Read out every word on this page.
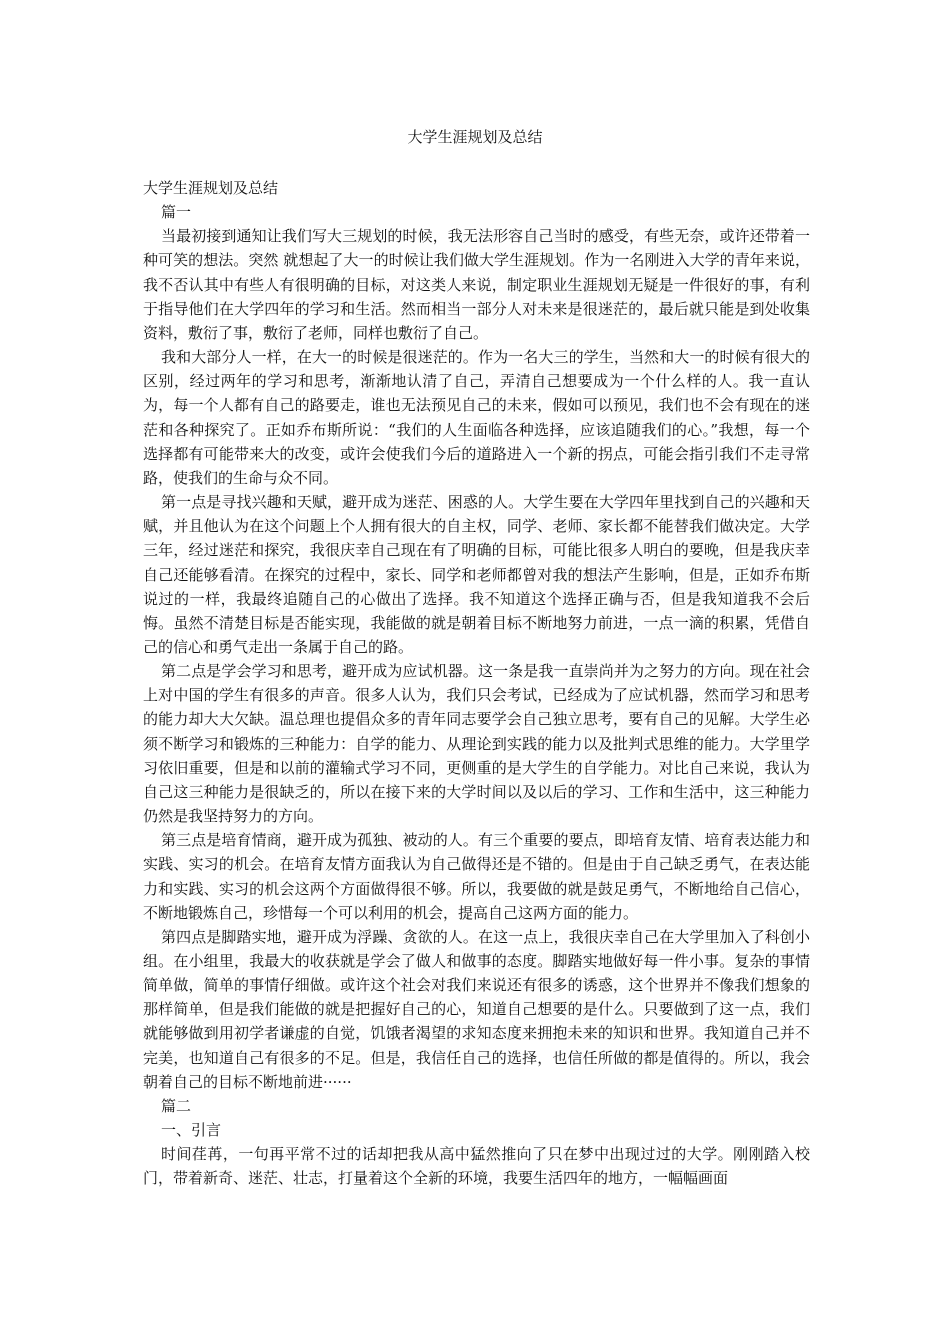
大学生涯规划及总结

大学生涯规划及总结

篇一

当最初接到通知让我们写大三规划的时候，我无法形容自己当时的感受，有些无奈，或许还带着一种可笑的想法。突然 就想起了大一的时候让我们做大学生涯规划。作为一名刚进入大学的青年来说，我不否认其中有些人有很明确的目标，对这类人来说，制定职业生涯规划无疑是一件很好的事，有利于指导他们在大学四年的学习和生活。然而相当一部分人对未来是很迷茫的，最后就只能是到处收集资料，敷衍了事，敷衍了老师，同样也敷衍了自己。

我和大部分人一样，在大一的时候是很迷茫的。作为一名大三的学生，当然和大一的时候有很大的区别，经过两年的学习和思考，渐渐地认清了自己，弄清自己想要成为一个什么样的人。我一直认为，每一个人都有自己的路要走，谁也无法预见自己的未来，假如可以预见，我们也不会有现在的迷茫和各种探究了。正如乔布斯所说：“我们的人生面临各种选择，应该追随我们的心。”我想，每一个选择都有可能带来大的改变，或许会使我们今后的道路进入一个新的拐点，可能会指引我们不走寻常路，使我们的生命与众不同。

第一点是寻找兴趣和天赋，避开成为迷茫、困惑的人。大学生要在大学四年里找到自己的兴趣和天赋，并且他认为在这个问题上个人拥有很大的自主权，同学、老师、家长都不能替我们做决定。大学三年，经过迷茫和探究，我很庆幸自己现在有了明确的目标，可能比很多人明白的要晚，但是我庆幸自己还能够看清。在探究的过程中，家长、同学和老师都曾对我的想法产生影响，但是，正如乔布斯说过的一样，我最终追随自己的心做出了选择。我不知道这个选择正确与否，但是我知道我不会后悔。虽然不清楚目标是否能实现，我能做的就是朝着目标不断地努力前进，一点一滴的积累，凭借自己的信心和勇气走出一条属于自己的路。

第二点是学会学习和思考，避开成为应试机器。这一条是我一直崇尚并为之努力的方向。现在社会上对中国的学生有很多的声音。很多人认为，我们只会考试，已经成为了应试机器，然而学习和思考的能力却大大欠缺。温总理也提倡众多的青年同志要学会自己独立思考，要有自己的见解。大学生必须不断学习和锻炼的三种能力：自学的能力、从理论到实践的能力以及批判式思维的能力。大学里学习依旧重要，但是和以前的灌输式学习不同，更侧重的是大学生的自学能力。对比自己来说，我认为自己这三种能力是很缺乏的，所以在接下来的大学时间以及以后的学习、工作和生活中，这三种能力仍然是我坚持努力的方向。

第三点是培育情商，避开成为孤独、被动的人。有三个重要的要点，即培育友情、培育表达能力和实践、实习的机会。在培育友情方面我认为自己做得还是不错的。但是由于自己缺乏勇气，在表达能力和实践、实习的机会这两个方面做得很不够。所以，我要做的就是鼓足勇气，不断地给自己信心，不断地锻炼自己，珍惜每一个可以利用的机会，提高自己这两方面的能力。

第四点是脚踏实地，避开成为浮躁、贪欲的人。在这一点上，我很庆幸自己在大学里加入了科创小组。在小组里，我最大的收获就是学会了做人和做事的态度。脚踏实地做好每一件小事。复杂的事情简单做，简单的事情仔细做。或许这个社会对我们来说还有很多的诱惑，这个世界并不像我们想象的那样简单，但是我们能做的就是把握好自己的心，知道自己想要的是什么。只要做到了这一点，我们就能够做到用初学者谦虚的自觉，饥饿者渴望的求知态度来拥抱未来的知识和世界。我知道自己并不完美，也知道自己有很多的不足。但是，我信任自己的选择，也信任所做的都是值得的。所以，我会朝着自己的目标不断地前进······

篇二

一、引言

时间荏苒，一句再平常不过的话却把我从高中猛然推向了只在梦中出现过过的大学。刚刚踏入校门，带着新奇、迷茫、壮志，打量着这个全新的环境，我要生活四年的地方，一幅幅画面
